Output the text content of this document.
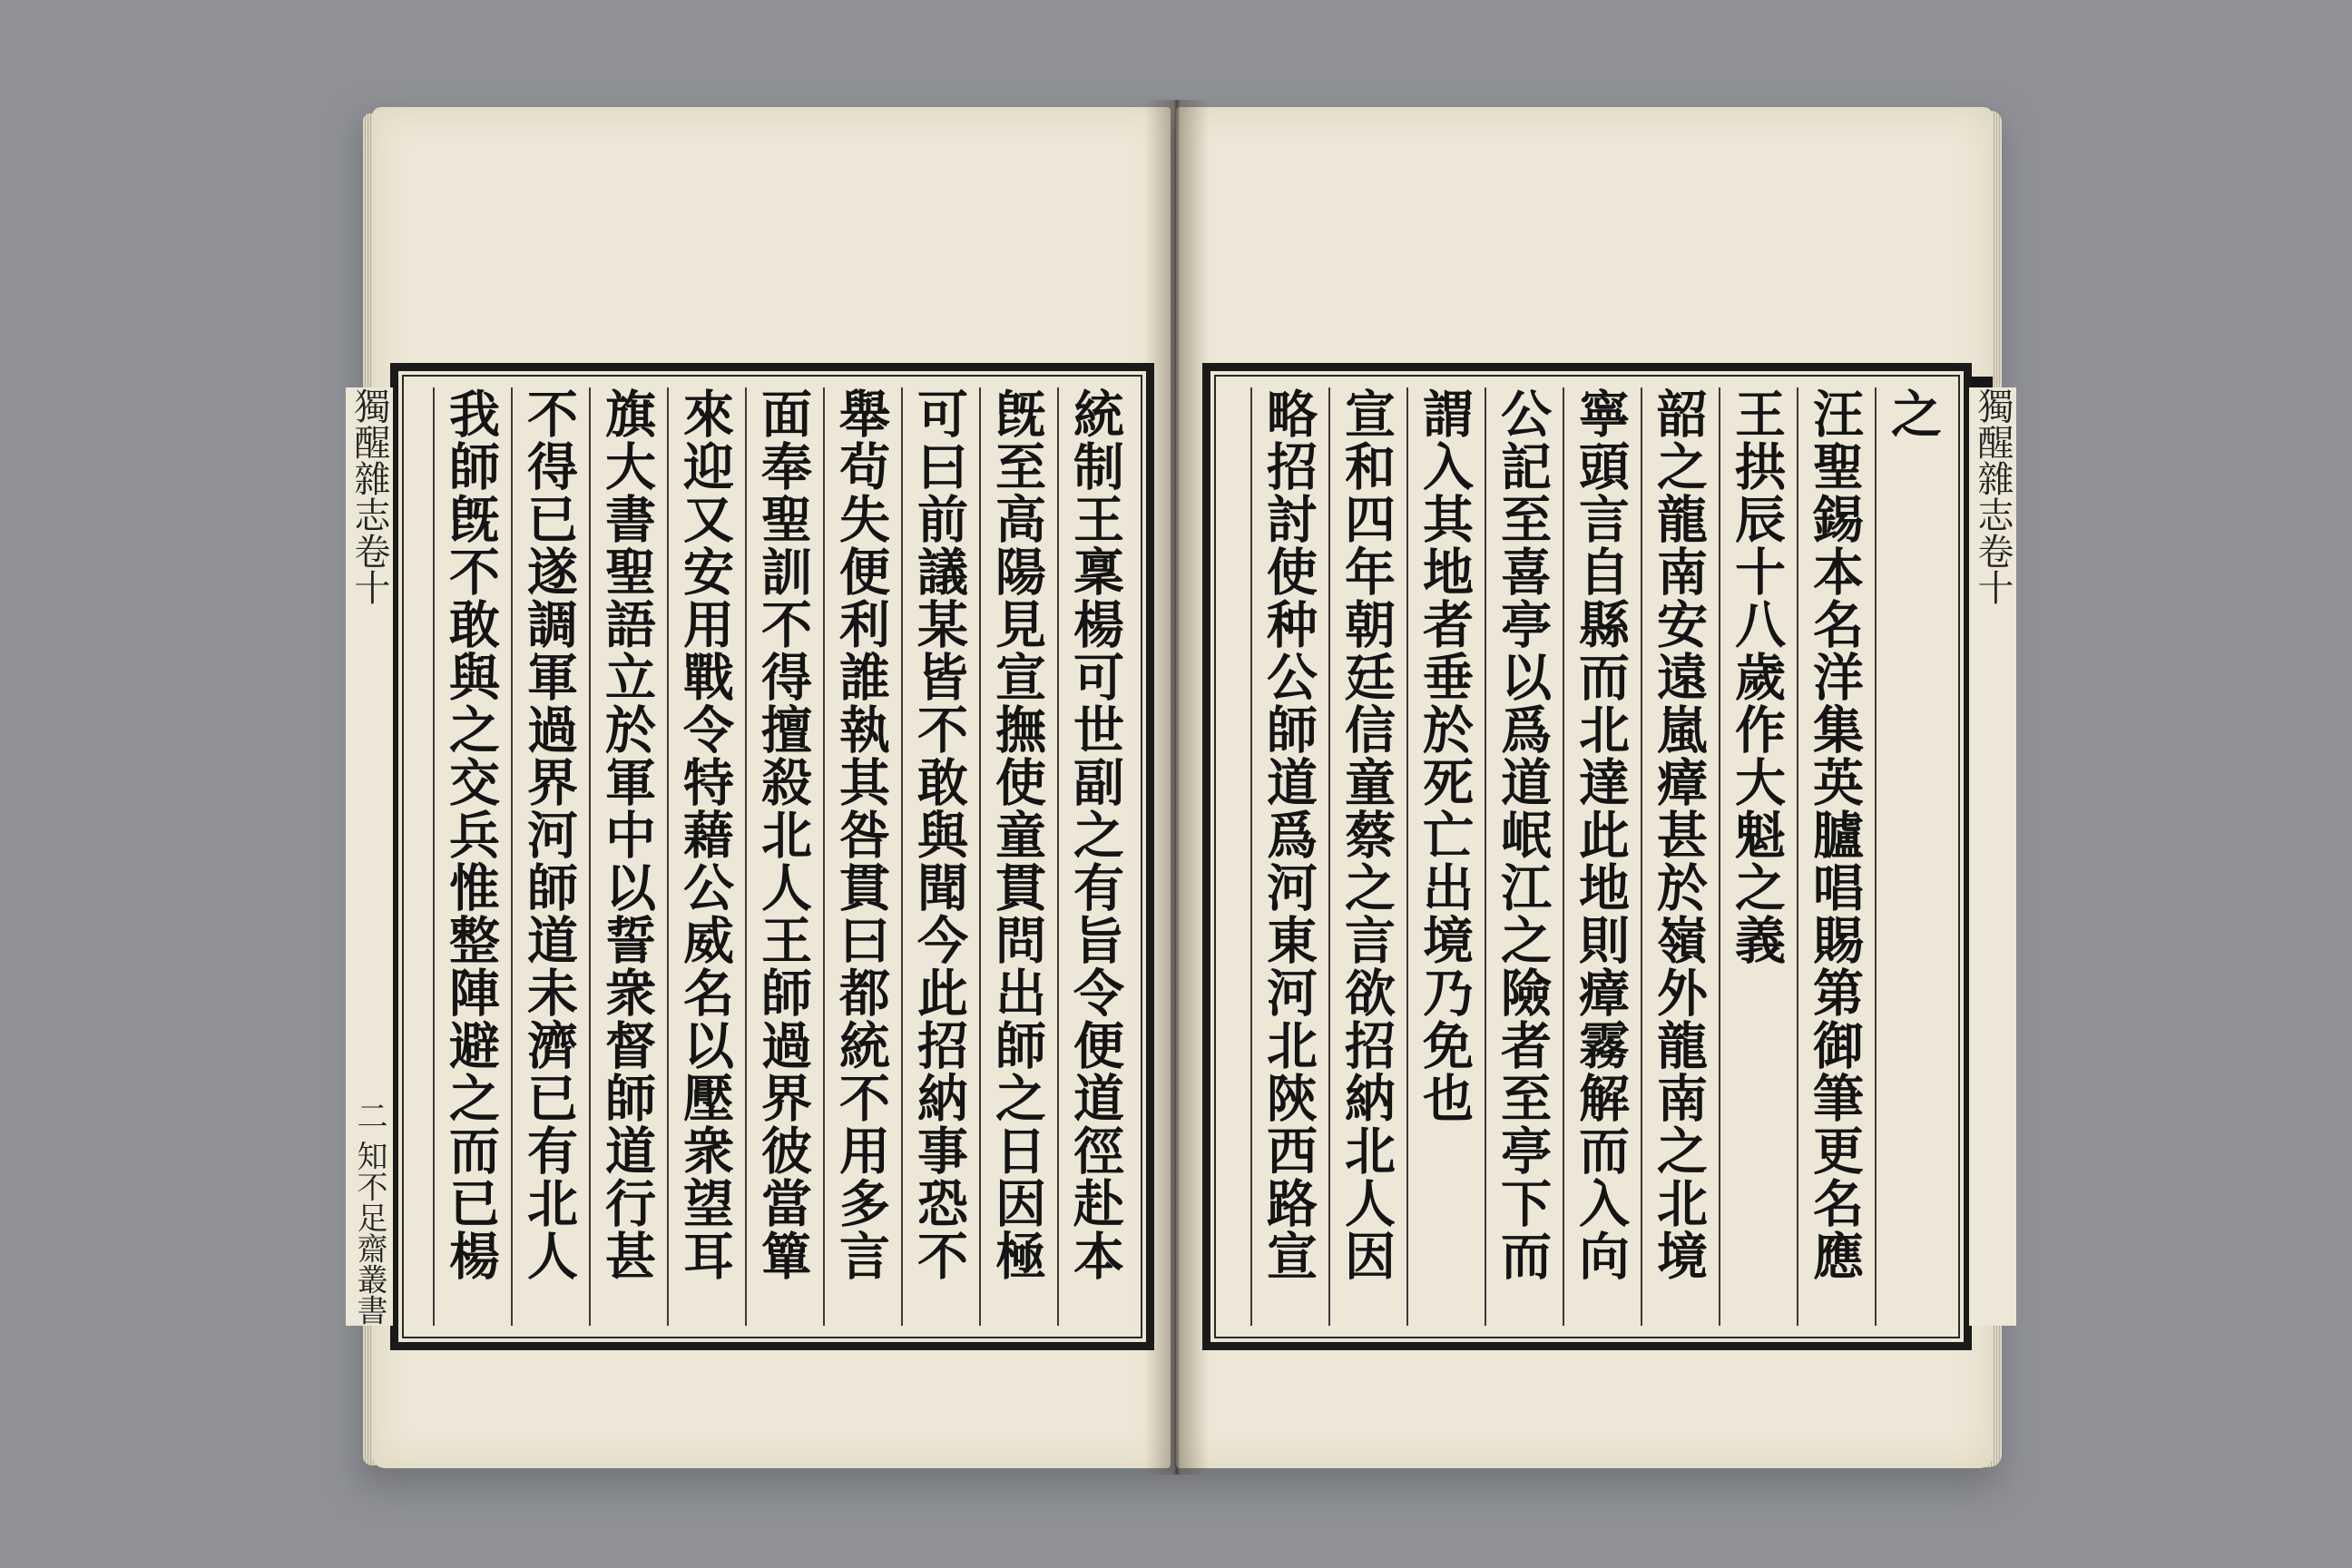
獨醒雜志卷十
二 知不足齋叢書
統制王稟楊可世副之有旨令便道徑赴本
旣至高陽見宣撫使童貫問出師之日因極
可曰前議某皆不敢與聞今此招納事恐不
舉茍失便利誰執其咎貫曰都統不用多言
面奉聖訓不得擅殺北人王師過界彼當簞
來迎又安用戰令特藉公威名以壓衆望耳
旗大書聖語立於軍中以誓衆督師道行甚
不得已遂調軍過界河師道未濟已有北人
我師旣不敢與之交兵惟整陣避之而已楊
獨醒雜志卷十
之
汪聖錫本名洋集英臚唱賜第御筆更名應
王拱辰十八歲作大魁之義
韶之龍南安遠嵐瘴甚於嶺外龍南之北境
寧頭言自縣而北達此地則瘴霧解而入向
公記至喜亭以爲道岷江之險者至亭下而
謂入其地者垂於死亡出境乃免也
宣和四年朝廷信童蔡之言欲招納北人因
略招討使种公師道爲河東河北陝西路宣
